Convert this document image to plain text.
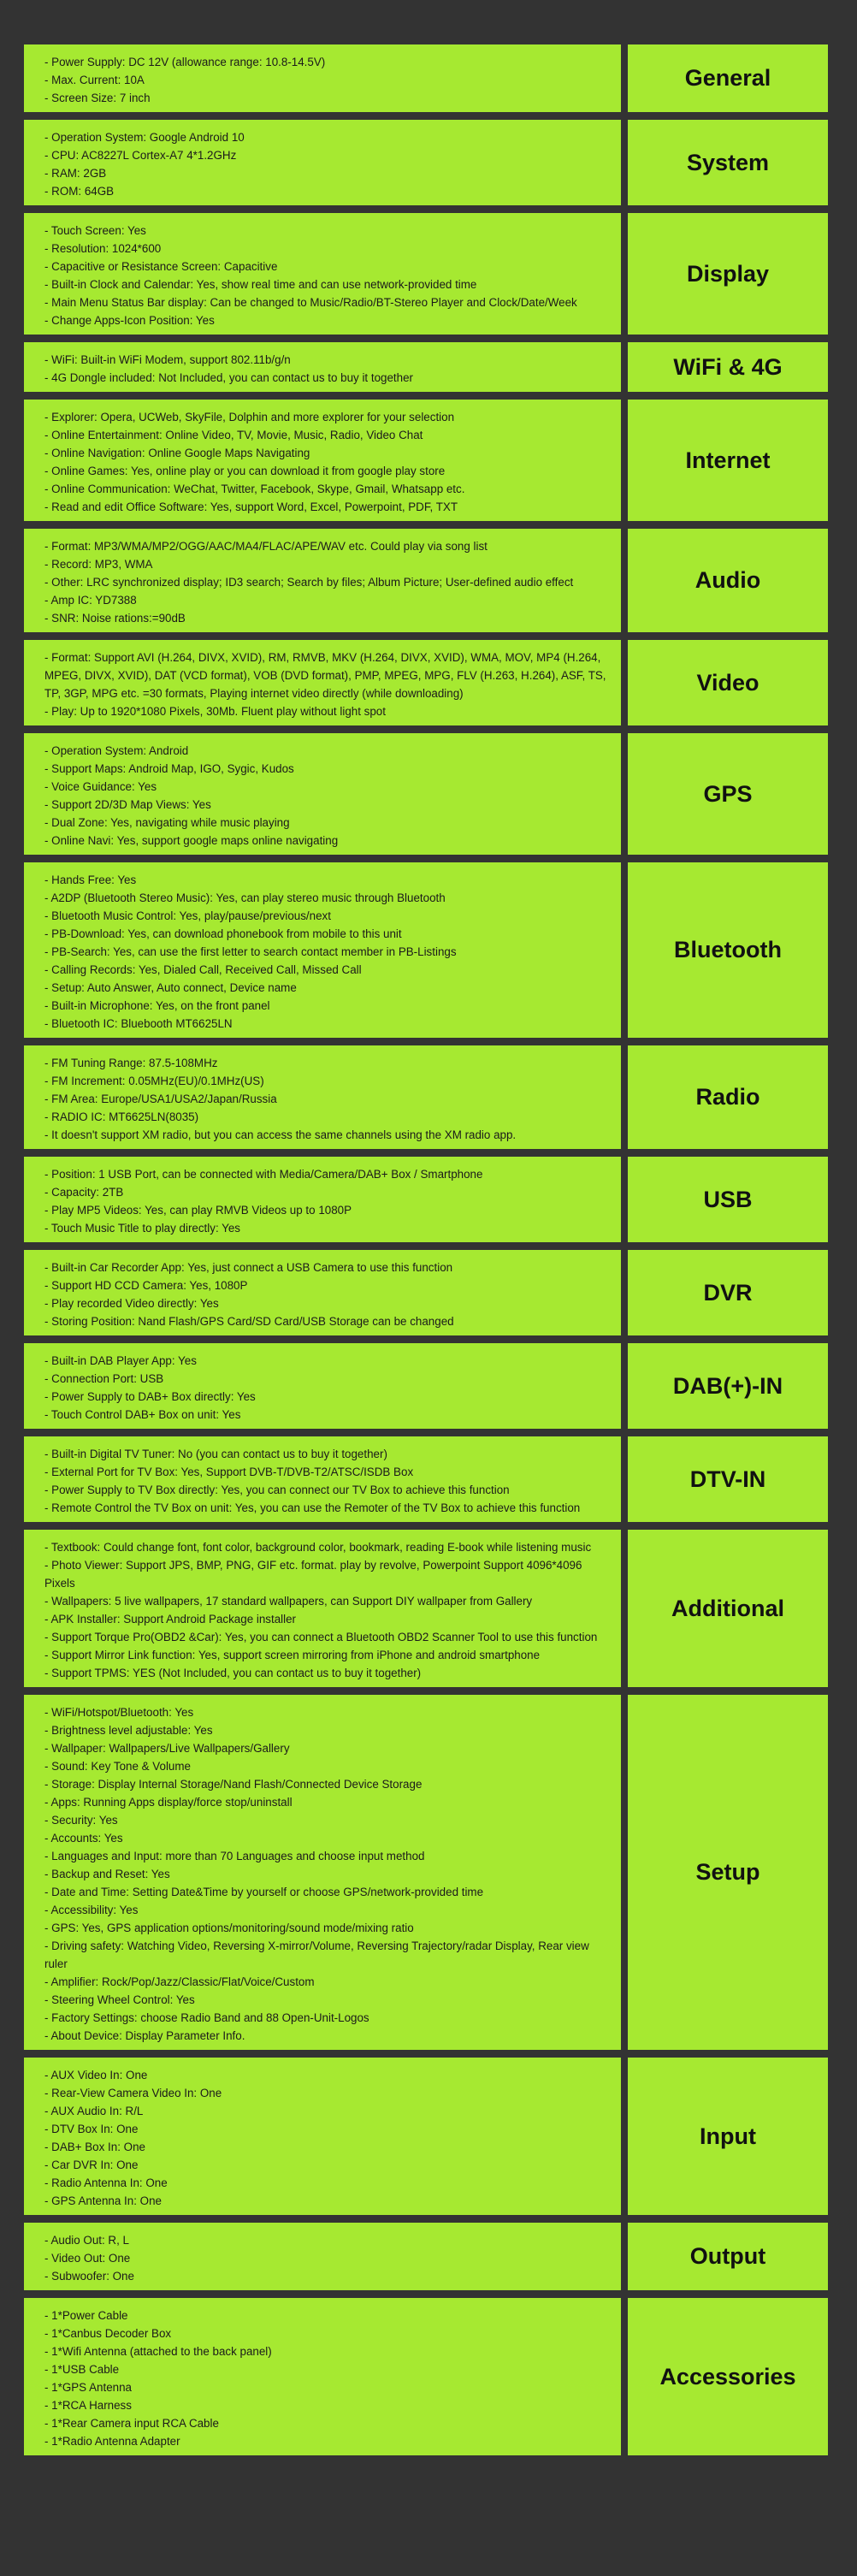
- Power Supply: DC 12V (allowance range: 10.8-14.5V)
- Max. Current: 10A
- Screen Size: 7 inch
General
- Operation System: Google Android 10
- CPU: AC8227L Cortex-A7 4*1.2GHz
- RAM: 2GB
- ROM: 64GB
System
- Touch Screen: Yes
- Resolution: 1024*600
- Capacitive or Resistance Screen: Capacitive
- Built-in Clock and Calendar: Yes, show real time and can use network-provided time
- Main Menu Status Bar display: Can be changed to Music/Radio/BT-Stereo Player and Clock/Date/Week
- Change Apps-Icon Position: Yes
Display
- WiFi: Built-in WiFi Modem, support 802.11b/g/n
- 4G Dongle included: Not Included, you can contact us to buy it together	WiFi & 4G
- Explorer: Opera, UCWeb, SkyFile, Dolphin and more explorer for your selection
- Online Entertainment: Online Video, TV, Movie, Music, Radio, Video Chat
- Online Navigation: Online Google Maps Navigating
- Online Games: Yes, online play or you can download it from google play store
- Online Communication: WeChat, Twitter, Facebook, Skype, Gmail, Whatsapp etc.
- Read and edit Office Software: Yes, support Word, Excel, Powerpoint, PDF, TXT
Internet
- Format: MP3/WMA/MP2/OGG/AAC/MA4/FLAC/APE/WAV etc. Could play via song list
- Record: MP3, WMA
- Other: LRC synchronized display; ID3 search; Search by files; Album Picture; User-defined audio effect
- Amp IC: YD7388
- SNR: Noise rations:=90dB
Audio
- Format: Support AVI (H.264, DIVX, XVID), RM, RMVB, MKV (H.264, DIVX, XVID), WMA, MOV, MP4 (H.264, MPEG, DIVX, XVID), DAT (VCD format), VOB (DVD format), PMP, MPEG, MPG, FLV (H.263, H.264), ASF, TS, TP, 3GP, MPG etc. =30 formats, Playing internet video directly (while downloading)
- Play: Up to 1920*1080 Pixels, 30Mb. Fluent play without light spot
Video
- Operation System: Android
- Support Maps: Android Map, IGO, Sygic, Kudos
- Voice Guidance: Yes
- Support 2D/3D Map Views: Yes
- Dual Zone: Yes, navigating while music playing
- Online Navi: Yes, support google maps online navigating
GPS
- Hands Free: Yes
- A2DP (Bluetooth Stereo Music): Yes, can play stereo music through Bluetooth
- Bluetooth Music Control: Yes, play/pause/previous/next
- PB-Download: Yes, can download phonebook from mobile to this unit
- PB-Search: Yes, can use the first letter to search contact member in PB-Listings
- Calling Records: Yes, Dialed Call, Received Call, Missed Call
- Setup: Auto Answer, Auto connect, Device name
- Built-in Microphone: Yes, on the front panel
- Bluetooth IC: Bluebooth MT6625LN
Bluetooth
- FM Tuning Range: 87.5-108MHz
- FM Increment: 0.05MHz(EU)/0.1MHz(US)
- FM Area: Europe/USA1/USA2/Japan/Russia
- RADIO IC: MT6625LN(8035)
- It doesn't support XM radio, but you can access the same channels using the XM radio app.
Radio
- Position: 1 USB Port, can be connected with Media/Camera/DAB+ Box / Smartphone
- Capacity: 2TB
- Play MP5 Videos: Yes, can play RMVB Videos up to 1080P
- Touch Music Title to play directly: Yes
USB
- Built-in Car Recorder App: Yes, just connect a USB Camera to use this function
- Support HD CCD Camera: Yes, 1080P
- Play recorded Video directly: Yes
- Storing Position: Nand Flash/GPS Card/SD Card/USB Storage can be changed
DVR
- Built-in DAB Player App: Yes
- Connection Port: USB
- Power Supply to DAB+ Box directly: Yes
- Touch Control DAB+ Box on unit: Yes
DAB(+)-IN
- Built-in Digital TV Tuner: No (you can contact us to buy it together)
- External Port for TV Box: Yes, Support DVB-T/DVB-T2/ATSC/ISDB Box
- Power Supply to TV Box directly: Yes, you can connect our TV Box to achieve this function
- Remote Control the TV Box on unit: Yes, you can use the Remoter of the TV Box to achieve this function
DTV-IN
- Textbook: Could change font, font color, background color, bookmark, reading E-book while listening music
- Photo Viewer: Support JPS, BMP, PNG, GIF etc. format. play by revolve, Powerpoint Support 4096*4096 Pixels
- Wallpapers: 5 live wallpapers, 17 standard wallpapers, can Support DIY wallpaper from Gallery
- APK Installer: Support Android Package installer
- Support Torque Pro(OBD2 &Car): Yes, you can connect a Bluetooth OBD2 Scanner Tool to use this function
- Support Mirror Link function: Yes, support screen mirroring from iPhone and android smartphone
- Support TPMS: YES (Not Included, you can contact us to buy it together)
Additional
- WiFi/Hotspot/Bluetooth: Yes
- Brightness level adjustable: Yes
- Wallpaper: Wallpapers/Live Wallpapers/Gallery
- Sound: Key Tone & Volume
- Storage: Display Internal Storage/Nand Flash/Connected Device Storage
- Apps: Running Apps display/force stop/uninstall
- Security: Yes
- Accounts: Yes
- Languages and Input: more than 70 Languages and choose input method
- Backup and Reset: Yes
- Date and Time: Setting Date&Time by yourself or choose GPS/network-provided time
- Accessibility: Yes
- GPS: Yes, GPS application options/monitoring/sound mode/mixing ratio
- Driving safety: Watching Video, Reversing X-mirror/Volume, Reversing Trajectory/radar Display, Rear view ruler
- Amplifier: Rock/Pop/Jazz/Classic/Flat/Voice/Custom
- Steering Wheel Control: Yes
- Factory Settings: choose Radio Band and 88 Open-Unit-Logos
- About Device: Display Parameter Info.
Setup
- AUX Video In: One
- Rear-View Camera Video In: One
- AUX Audio In: R/L
- DTV Box In: One
- DAB+ Box In: One
- Car DVR In: One
- Radio Antenna In: One
- GPS Antenna In: One
Input
- Audio Out: R, L
- Video Out: One
- Subwoofer: One
Output
- 1*Power Cable
- 1*Canbus Decoder Box
- 1*Wifi Antenna (attached to the back panel)
- 1*USB Cable
- 1*GPS Antenna
- 1*RCA Harness
- 1*Rear Camera input RCA Cable
- 1*Radio Antenna Adapter
Accessories
